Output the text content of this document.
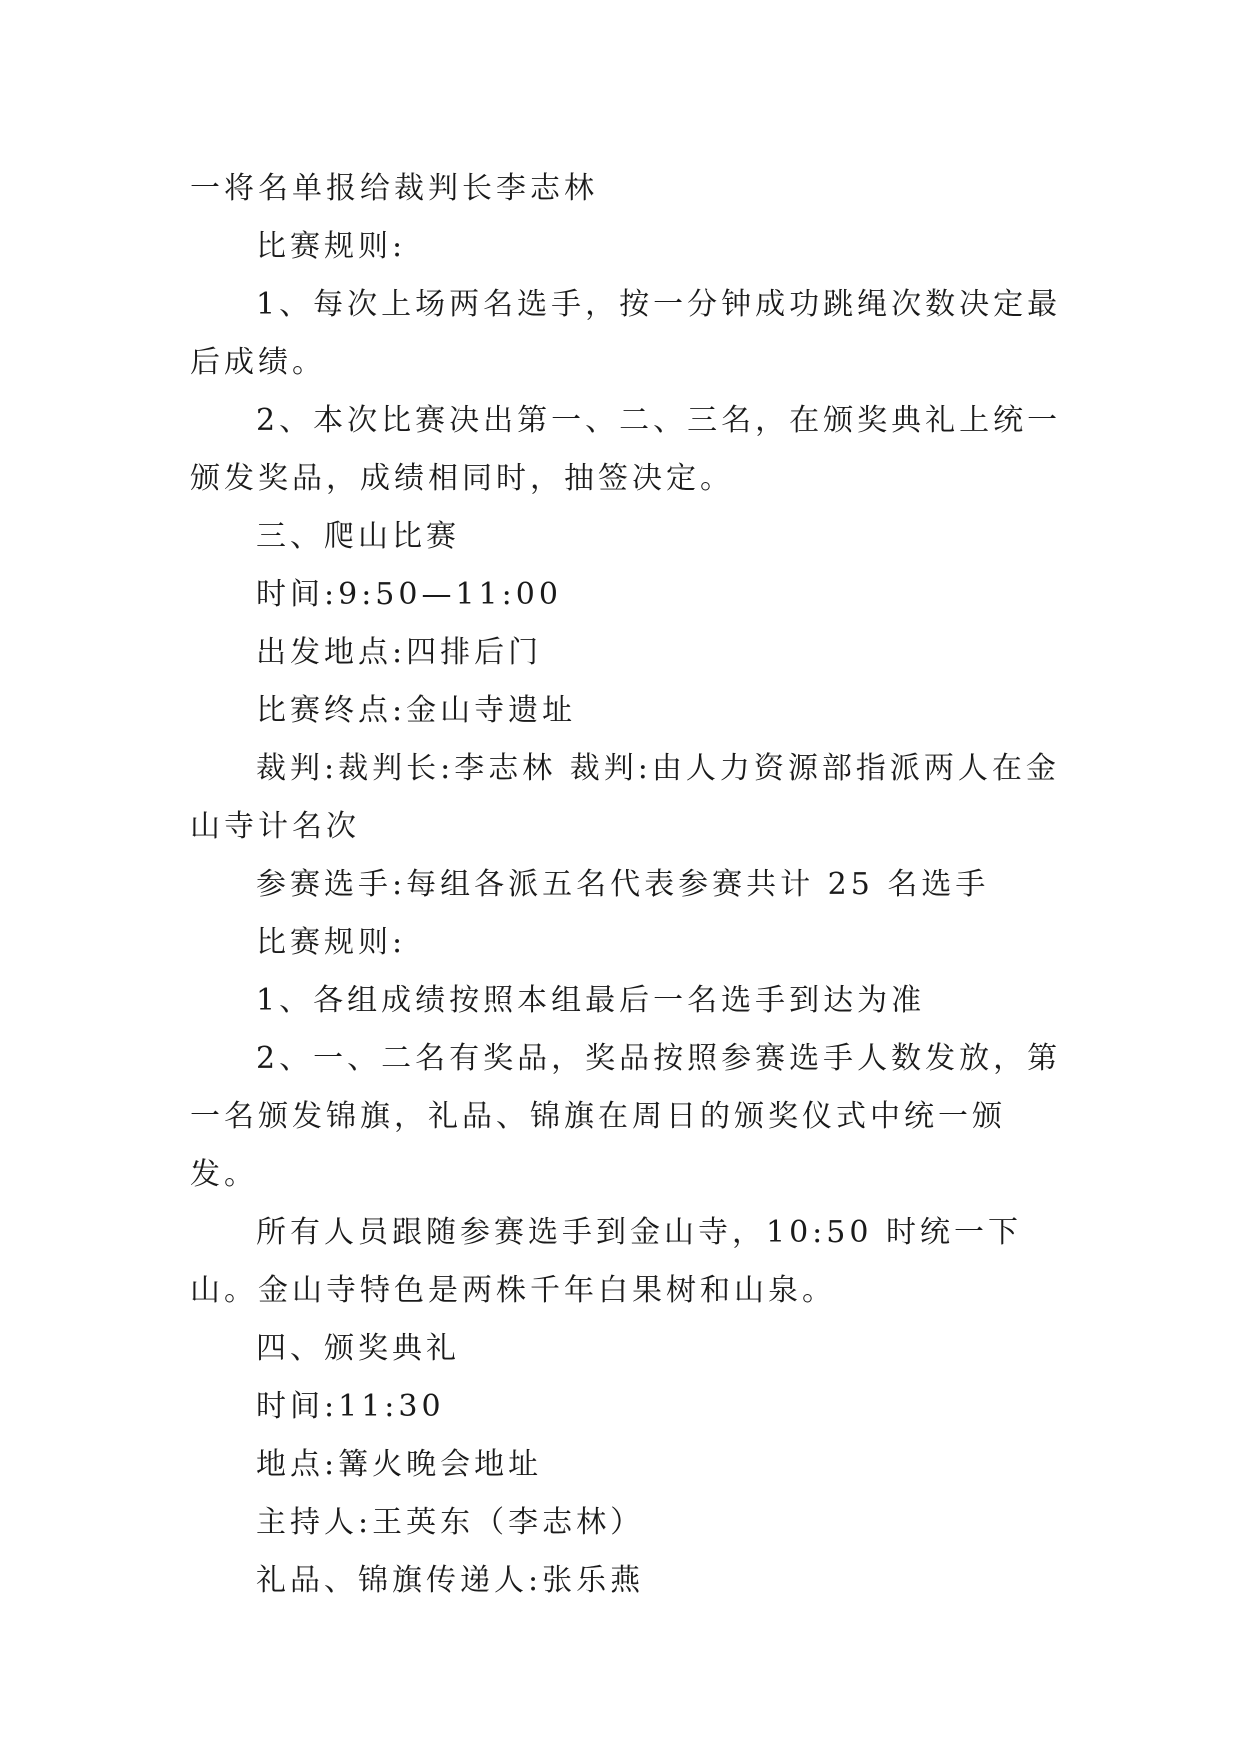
一将名单报给裁判长李志林

比赛规则:

1、每次上场两名选手，按一分钟成功跳绳次数决定最后成绩。

2、本次比赛决出第一、二、三名，在颁奖典礼上统一颁发奖品，成绩相同时，抽签决定。

三、爬山比赛

时间:9:50—11:00

出发地点:四排后门

比赛终点:金山寺遗址

裁判:裁判长:李志林 裁判:由人力资源部指派两人在金山寺计名次

参赛选手:每组各派五名代表参赛共计 25 名选手

比赛规则:

1、各组成绩按照本组最后一名选手到达为准

2、一、二名有奖品，奖品按照参赛选手人数发放，第一名颁发锦旗，礼品、锦旗在周日的颁奖仪式中统一颁发。

所有人员跟随参赛选手到金山寺，10:50 时统一下山。金山寺特色是两株千年白果树和山泉。

四、颁奖典礼

时间:11:30

地点:篝火晚会地址

主持人:王英东（李志林）

礼品、锦旗传递人:张乐燕
